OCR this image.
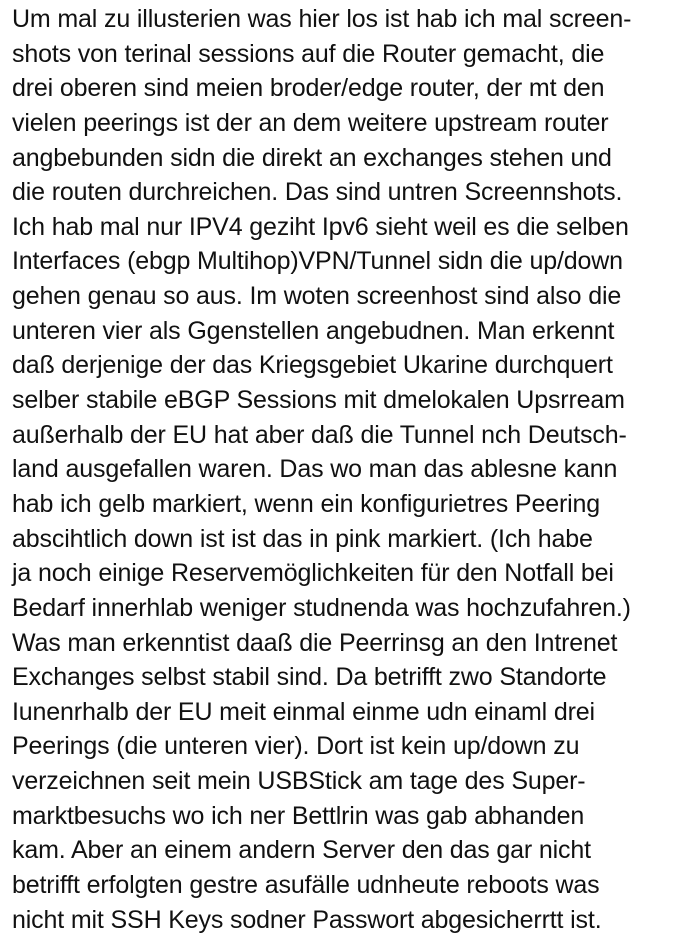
Um mal zu illusterien was hier los ist hab ich mal screen-
shots von terinal sessions auf die Router gemacht, die
drei oberen sind meien broder/edge router, der mt den
vielen peerings ist der an dem weitere upstream router
angbebunden sidn die direkt an exchanges stehen und
die routen durchreichen. Das sind untren Screennshots.
Ich hab mal nur IPV4 geziht Ipv6 sieht weil es die selben
Interfaces (ebgp Multihop)VPN/Tunnel sidn die up/down
gehen genau so aus. Im woten screenhost sind also die
unteren vier als Ggenstellen angebudnen. Man erkennt
daß derjenige der das Kriegsgebiet Ukarine durchquert
selber stabile eBGP Sessions mit dmelokalen Upsrream
außerhalb der EU hat aber daß die Tunnel nch Deutsch-
land ausgefallen waren. Das wo man das ablesne kann
hab ich gelb markiert, wenn ein konfigurietres Peering
abscihtlich down ist ist das in pink markiert. (Ich habe
ja noch einige Reservemöglichkeiten für den Notfall bei
Bedarf innerhlab weniger studnenda was hochzufahren.)
Was man erkenntist daaß die Peerrinsg an den Intrenet
Exchanges selbst stabil sind. Da betrifft zwo Standorte
Iunenrhalb der EU meit einmal einme udn einaml drei
Peerings (die unteren vier). Dort ist kein up/down zu
verzeichnen seit mein USBStick am tage des Super-
marktbesuchs wo ich ner Bettlrin was gab abhanden
kam. Aber an einem andern Server den das gar nicht
betrifft erfolgten gestre asufälle udnheute reboots was
nicht mit SSH Keys sodner Passwort abgesicherrtt ist.
